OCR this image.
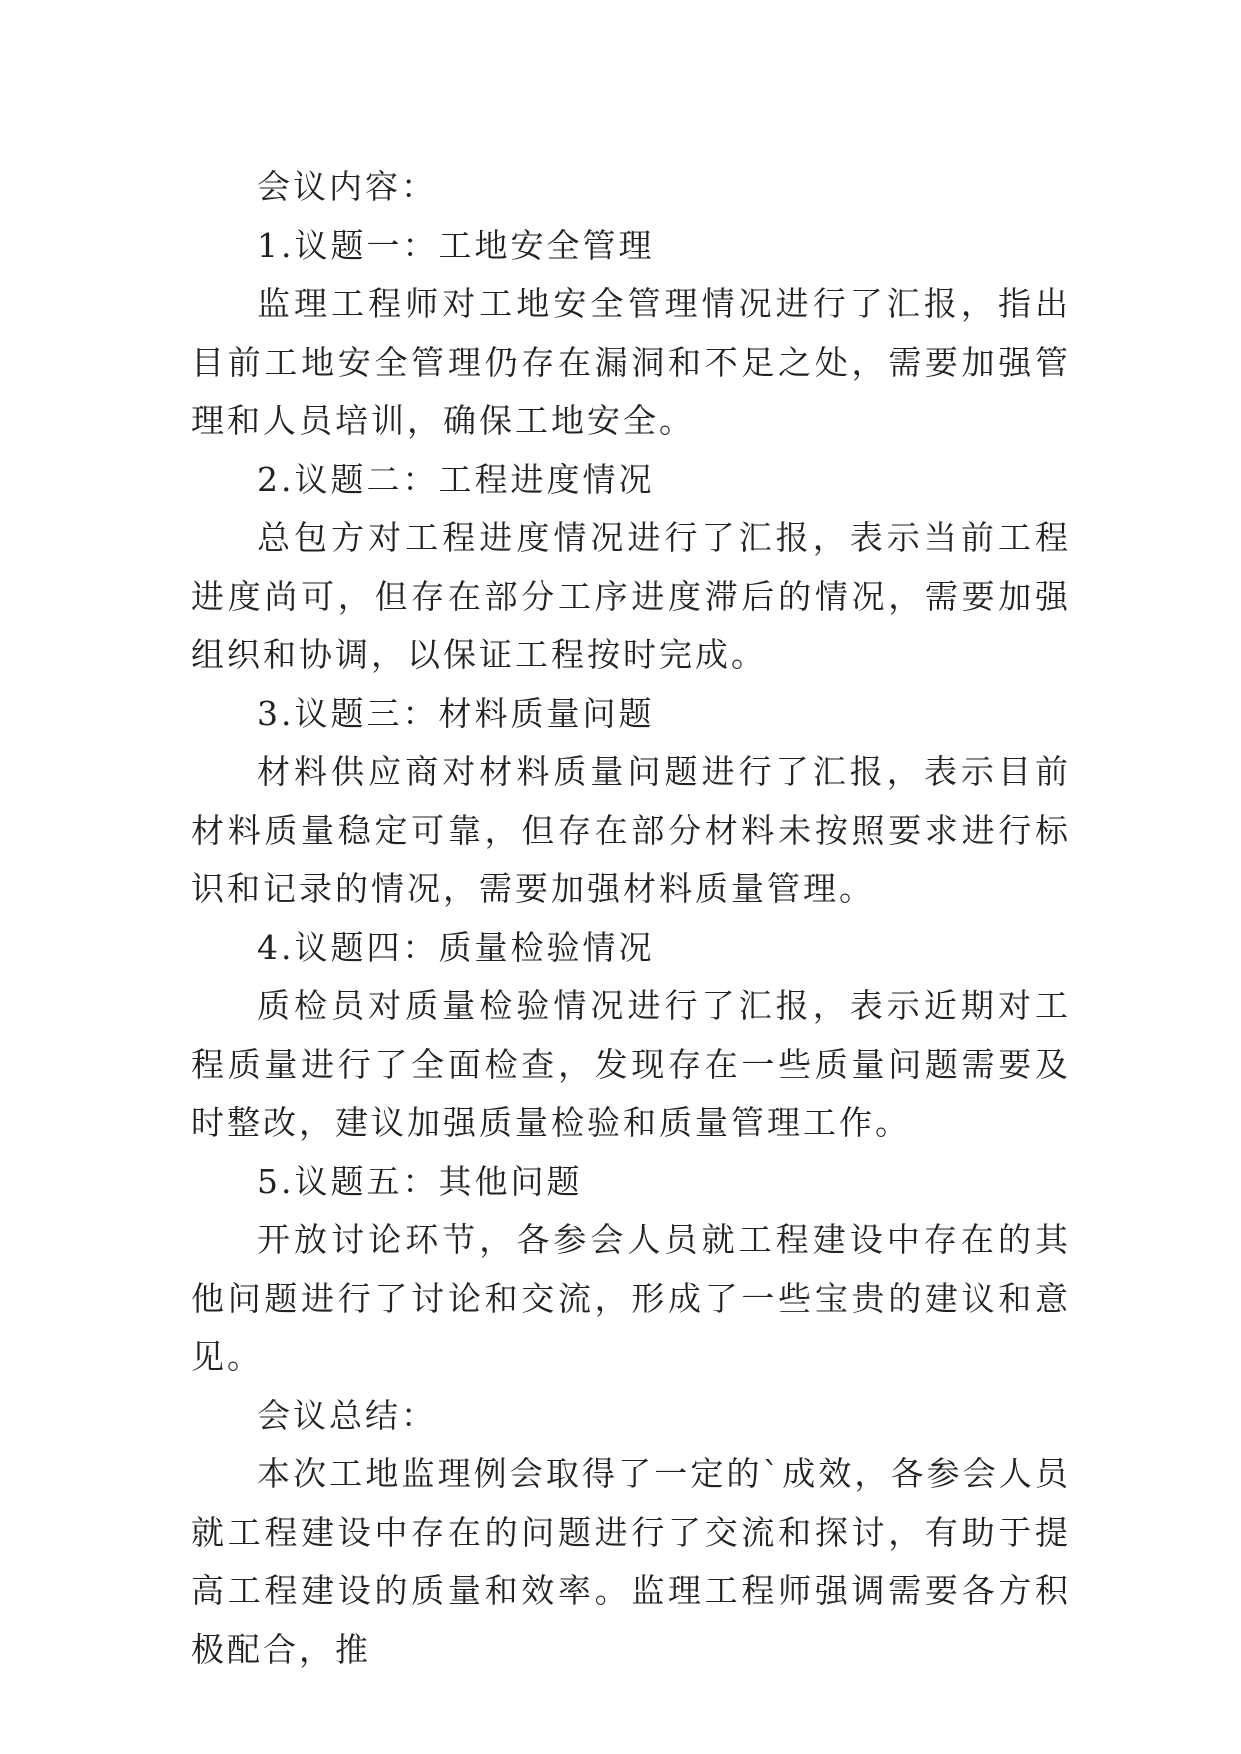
会议内容：

1.议题一：工地安全管理

监理工程师对工地安全管理情况进行了汇报，指出目前工地安全管理仍存在漏洞和不足之处，需要加强管理和人员培训，确保工地安全。

2.议题二：工程进度情况

总包方对工程进度情况进行了汇报，表示当前工程进度尚可，但存在部分工序进度滞后的情况，需要加强组织和协调，以保证工程按时完成。

3.议题三：材料质量问题

材料供应商对材料质量问题进行了汇报，表示目前材料质量稳定可靠，但存在部分材料未按照要求进行标识和记录的情况，需要加强材料质量管理。

4.议题四：质量检验情况

质检员对质量检验情况进行了汇报，表示近期对工程质量进行了全面检查，发现存在一些质量问题需要及时整改，建议加强质量检验和质量管理工作。

5.议题五：其他问题

开放讨论环节，各参会人员就工程建设中存在的其他问题进行了讨论和交流，形成了一些宝贵的建议和意见。

会议总结：

本次工地监理例会取得了一定的`成效，各参会人员就工程建设中存在的问题进行了交流和探讨，有助于提高工程建设的质量和效率。监理工程师强调需要各方积极配合，推
